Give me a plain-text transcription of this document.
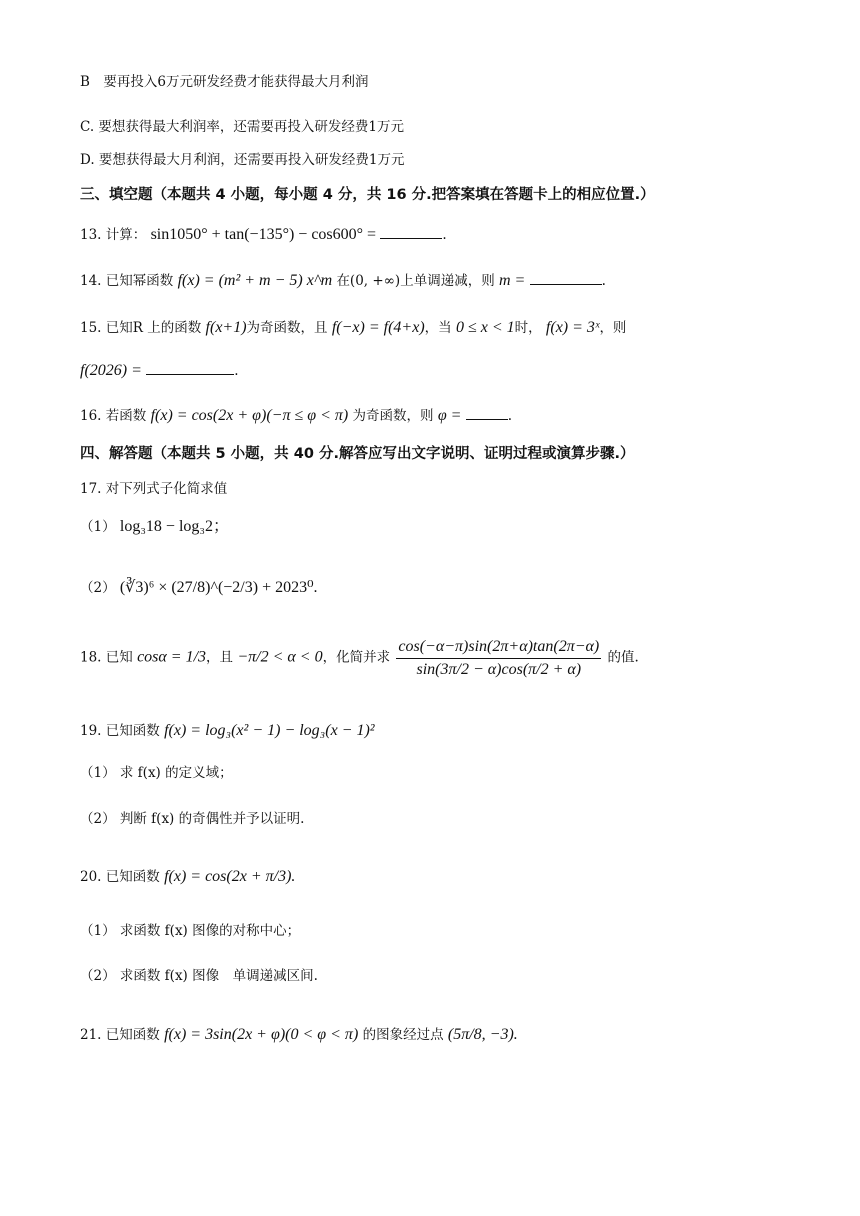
B　要再投入6万元研发经费才能获得最大月利润
C. 要想获得最大利润率，还需要再投入研发经费1万元
D. 要想获得最大月利润，还需要再投入研发经费1万元
三、填空题（本题共 4 小题，每小题 4 分，共 16 分.把答案填在答题卡上的相应位置.）
13. 计算： sin1050° + tan(−135°) − cos600° =	.
14. 已知幂函数 f(x) = (m² + m − 5) x^m 在(0, +∞)上单调递减，则 m =	.
15. 已知R 上的函数 f(x+1)为奇函数，且 f(−x) = f(4+x)，当 0 ≤ x < 1时， f(x) = 3ˣ，则
f(2026) =	.
16. 若函数 f(x) = cos(2x + φ)(−π ≤ φ < π) 为奇函数，则 φ =	.
四、解答题（本题共 5 小题，共 40 分.解答应写出文字说明、证明过程或演算步骤.）
17. 对下列式子化简求值
（1） log₃18 − log₃2；
（2） (∛3)⁶ × (27/8)^(−2/3) + 2023⁰.
18. 已知 cosα = 1/3，且 −π/2 < α < 0，化简并求 $\frac{\cos(-\alpha-\pi)\sin(2\pi+\alpha)\tan(2\pi-\alpha)}{\sin(3\pi/2 - \alpha)\cos(\pi/2 + \alpha)}$ 的值.
19. 已知函数 f(x) = log₃(x² − 1) − log₃(x − 1)²
（1） 求 f(x) 的定义域；
（2） 判断 f(x) 的奇偶性并予以证明.
20. 已知函数 f(x) = cos(2x + π/3).
（1） 求函数 f(x) 图像的对称中心；
（2） 求函数 f(x) 图像　单调递减区间.
21. 已知函数 f(x) = 3sin(2x + φ)(0 < φ < π) 的图象经过点 (5π/8, −3).
